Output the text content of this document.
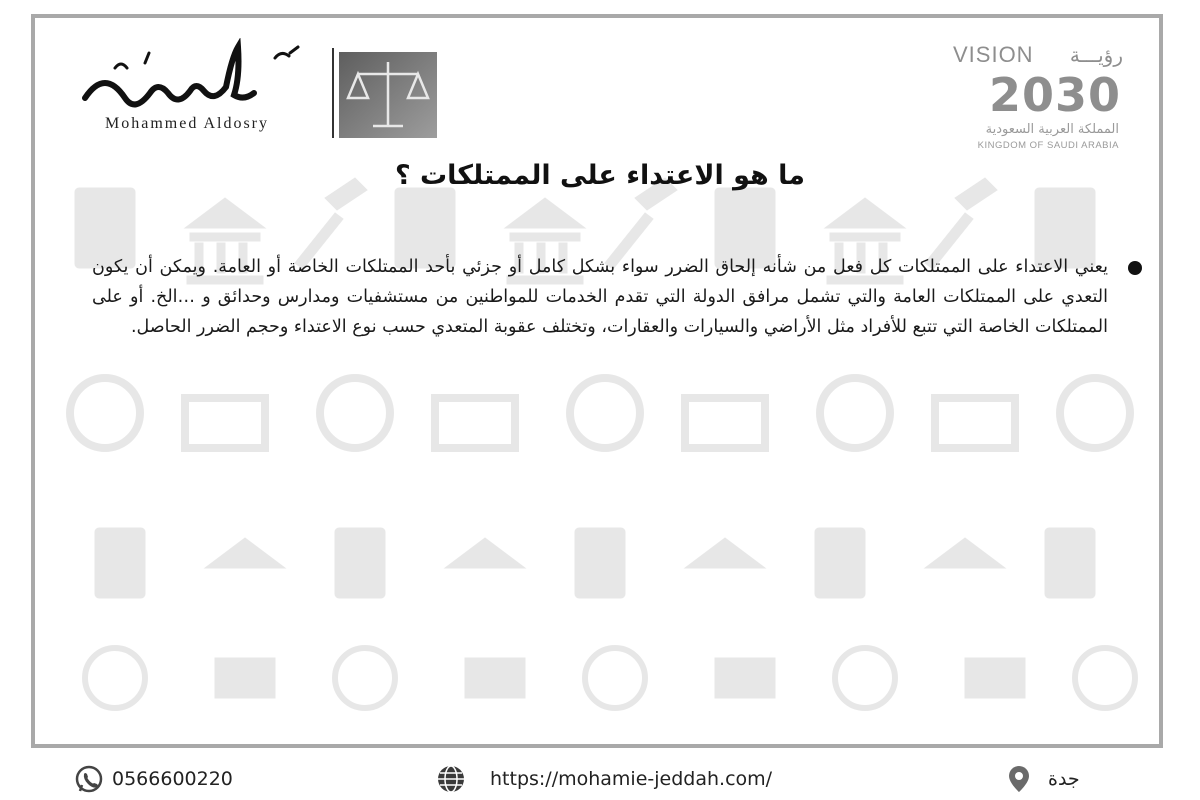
Mohammed Aldosry
VISION رؤيـــة
2030
المملكة العربية السعودية
KINGDOM OF SAUDI ARABIA
ما هو الاعتداء على الممتلكات ؟
يعني الاعتداء على الممتلكات كل فعل من شأنه إلحاق الضرر سواء بشكل كامل أو جزئي بأحد الممتلكات الخاصة أو العامة. ويمكن أن يكون التعدي على الممتلكات العامة والتي تشمل مرافق الدولة التي تقدم الخدمات للمواطنين من مستشفيات ومدارس وحدائق و …الخ. أو على الممتلكات الخاصة التي تتبع للأفراد مثل الأراضي والسيارات والعقارات، وتختلف عقوبة المتعدي حسب نوع الاعتداء وحجم الضرر الحاصل.
0566600220	https://mohamie-jeddah.com/	جدة
